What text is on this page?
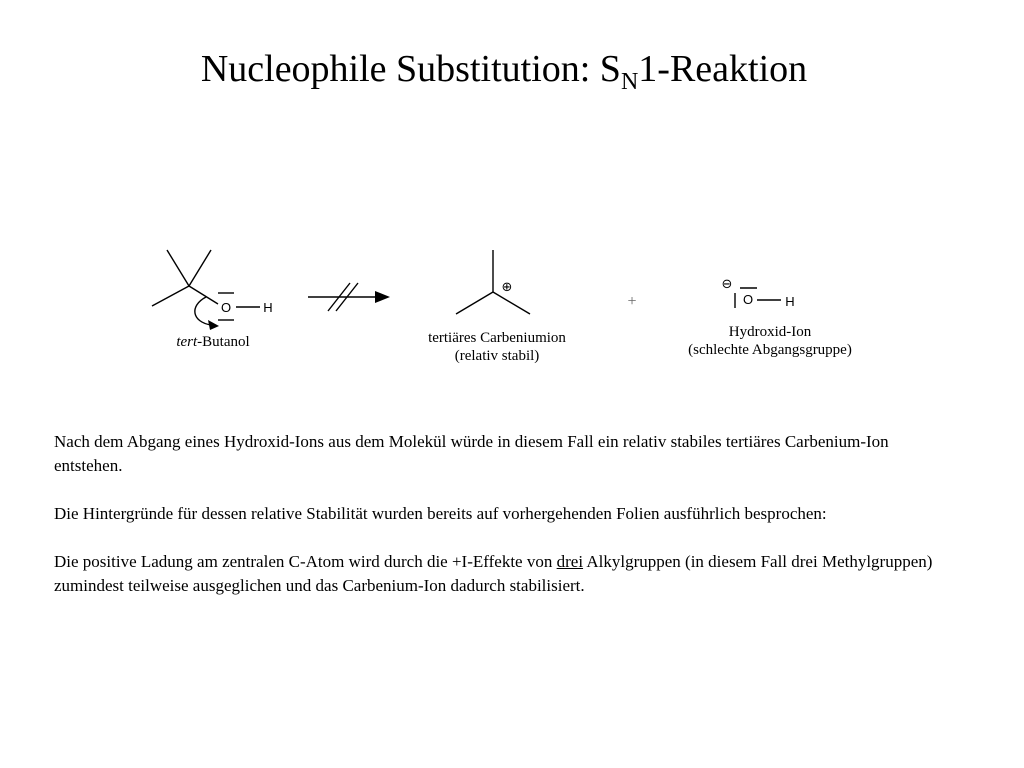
Nucleophile Substitution: $S_N1$-Reaktion
O H
⊕
+	O H
⊖
tert-Butanol	tertiäres Carbeniumion
(relativ stabil)
Hydroxid-Ion
(schlechte Abgangsgruppe)

Nach dem Abgang eines Hydroxid-Ions aus dem Molekül würde in diesem Fall ein relativ stabiles tertiäres Carbenium-Ion entstehen.

Die Hintergründe für dessen relative Stabilität wurden bereits auf vorhergehenden Folien ausführlich besprochen:

Die positive Ladung am zentralen C-Atom wird durch die +I-Effekte von drei Alkylgruppen (in diesem Fall drei Methylgruppen) zumindest teilweise ausgeglichen und das Carbenium-Ion dadurch stabilisiert.
